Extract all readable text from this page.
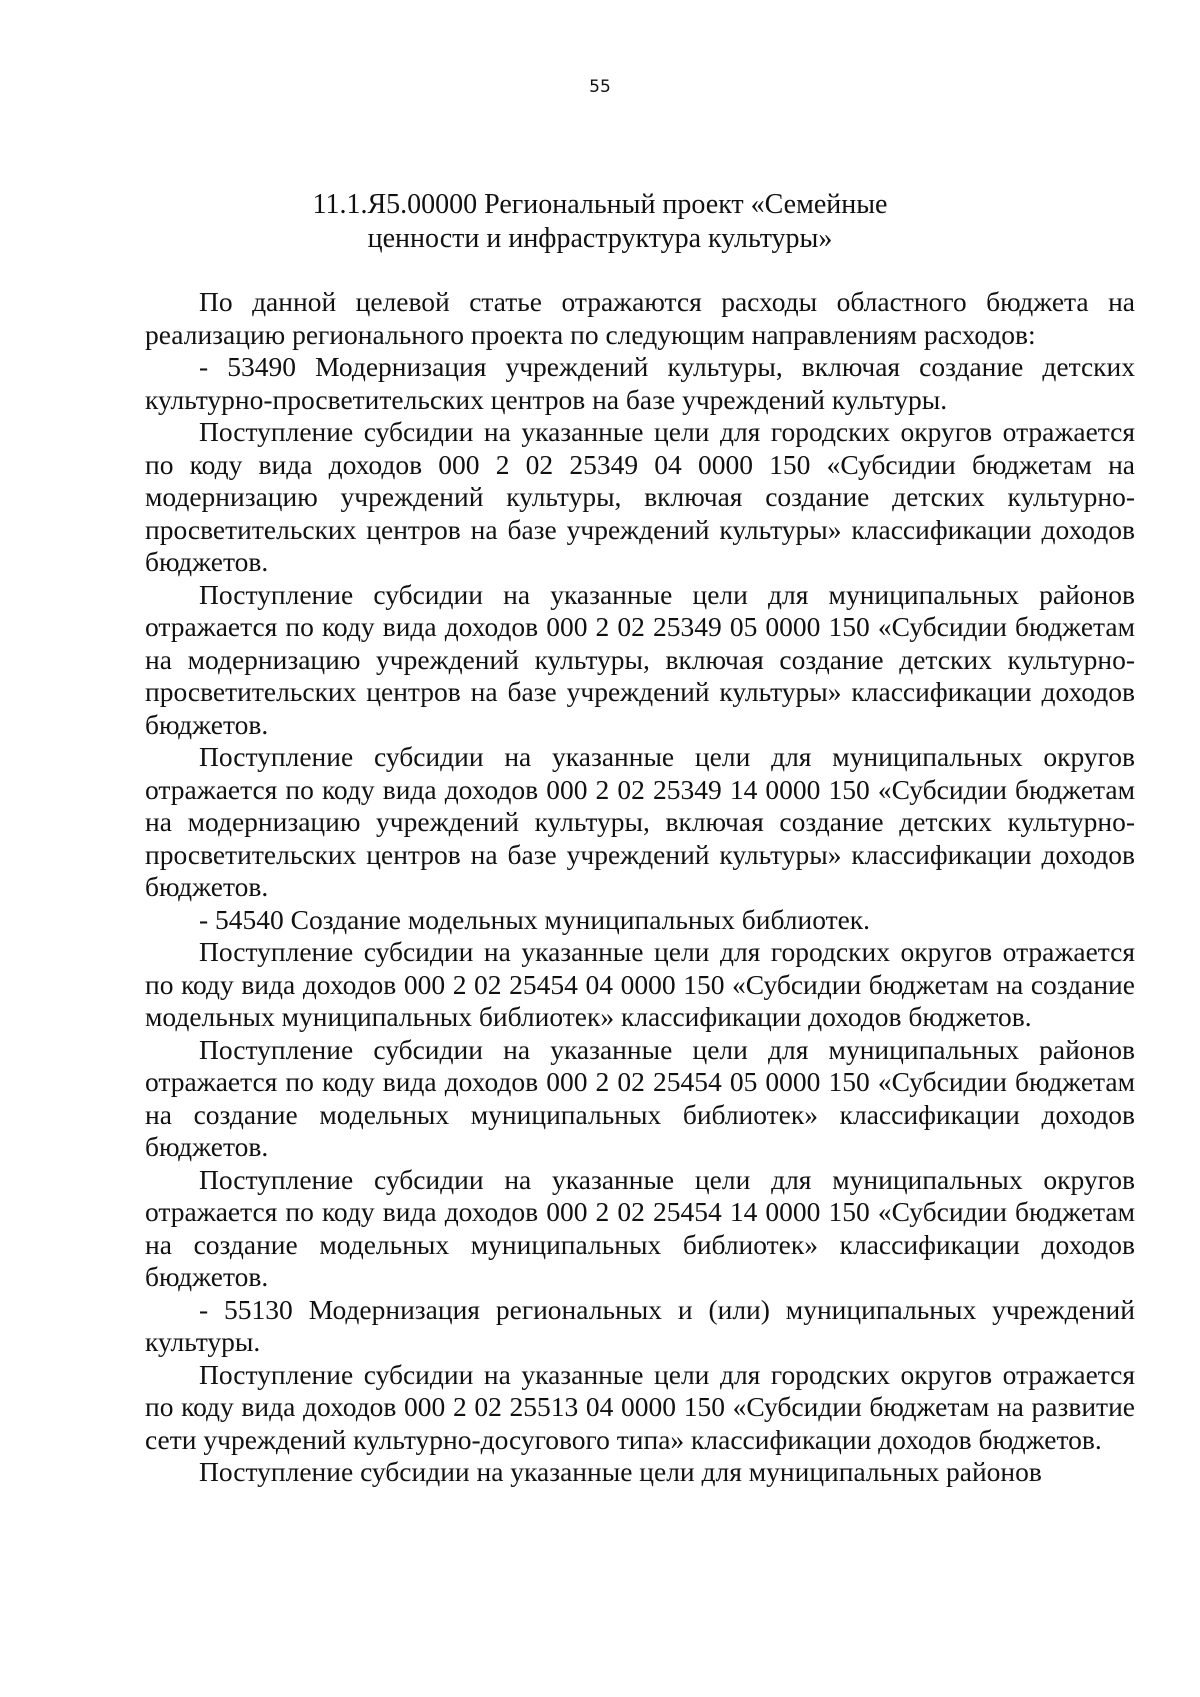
55
11.1.Я5.00000 Региональный проект «Семейные
ценности и инфраструктура культуры»

По данной целевой статье отражаются расходы областного бюджета на реализацию регионального проекта по следующим направлениям расходов:

- 53490 Модернизация учреждений культуры, включая создание детских культурно-просветительских центров на базе учреждений культуры.

Поступление субсидии на указанные цели для городских округов отражается по коду вида доходов 000 2 02 25349 04 0000 150 «Субсидии бюджетам на модернизацию учреждений культуры, включая создание детских культурно-просветительских центров на базе учреждений культуры» классификации доходов бюджетов.

Поступление субсидии на указанные цели для муниципальных районов отражается по коду вида доходов 000 2 02 25349 05 0000 150 «Субсидии бюджетам на модернизацию учреждений культуры, включая создание детских культурно-просветительских центров на базе учреждений культуры» классификации доходов бюджетов.

Поступление субсидии на указанные цели для муниципальных округов отражается по коду вида доходов 000 2 02 25349 14 0000 150 «Субсидии бюджетам на модернизацию учреждений культуры, включая создание детских культурно-просветительских центров на базе учреждений культуры» классификации доходов бюджетов.

- 54540 Создание модельных муниципальных библиотек.

Поступление субсидии на указанные цели для городских округов отражается по коду вида доходов 000 2 02 25454 04 0000 150 «Субсидии бюджетам на создание модельных муниципальных библиотек» классификации доходов бюджетов.

Поступление субсидии на указанные цели для муниципальных районов отражается по коду вида доходов 000 2 02 25454 05 0000 150 «Субсидии бюджетам на создание модельных муниципальных библиотек» классификации доходов бюджетов.

Поступление субсидии на указанные цели для муниципальных округов отражается по коду вида доходов 000 2 02 25454 14 0000 150 «Субсидии бюджетам на создание модельных муниципальных библиотек» классификации доходов бюджетов.

- 55130 Модернизация региональных и (или) муниципальных учреждений культуры.

Поступление субсидии на указанные цели для городских округов отражается по коду вида доходов 000 2 02 25513 04 0000 150 «Субсидии бюджетам на развитие сети учреждений культурно-досугового типа» классификации доходов бюджетов.

Поступление субсидии на указанные цели для муниципальных районов
